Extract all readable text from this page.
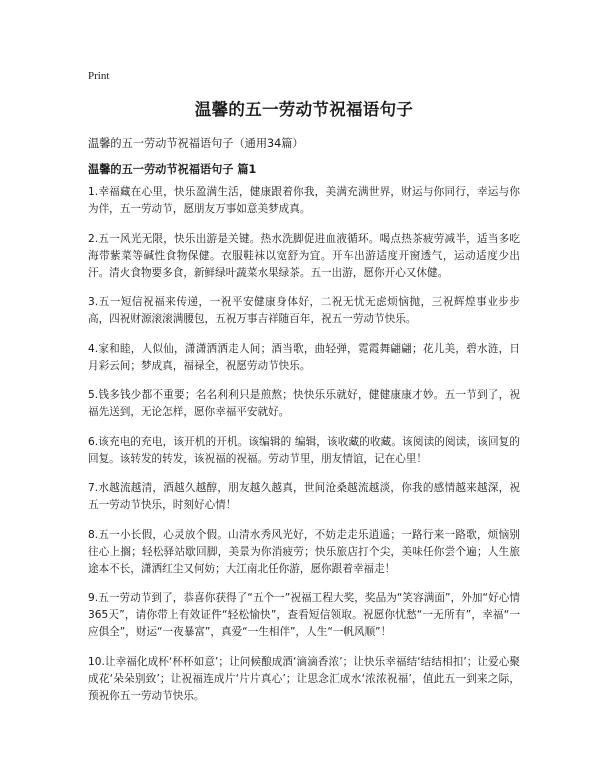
Print
温馨的五一劳动节祝福语句子

温馨的五一劳动节祝福语句子（通用34篇）

温馨的五一劳动节祝福语句子 篇1

1.幸福藏在心里，快乐盈满生活，健康跟着你我，美满充满世界，财运与你同行，幸运与你为伴，五一劳动节，愿朋友万事如意美梦成真。

2.五一风光无限，快乐出游是关键。热水洗脚促进血液循环。喝点热茶疲劳减半，适当多吃海带紫菜等碱性食物保健。衣服鞋袜以宽舒为宜。开车出游适度开窗透气，运动适度少出汗。清火食物要多食，新鲜绿叶蔬菜水果绿茶。五一出游，愿你开心又休健。

3.五一短信祝福来传递，一祝平安健康身体好，二祝无忧无虑烦恼抛，三祝辉煌事业步步高，四祝财源滚滚满腰包，五祝万事吉祥随百年，祝五一劳动节快乐。

4.家和睦，人似仙，潇潇洒洒走人间；酒当歌，曲轻弹，霓霞舞翩翩；花儿美，碧水涟，日月彩云间；梦成真，福禄全，祝愿劳动节快乐。

5.钱多钱少都不重要；名名利利只是煎熬；快快乐乐就好，健健康康才妙。五一节到了，祝福先送到，无论怎样，愿你幸福平安就好。

6.该充电的充电，该开机的开机。该编辑的 编辑，该收藏的收藏。该阅读的阅读，该回复的回复。该转发的转发，该祝福的祝福。劳动节里，朋友情谊，记在心里！

7.水越流越清，酒越久越醇，朋友越久越真，世间沧桑越流越淡，你我的感情越来越深，祝五一劳动节快乐，时刻好心情！

8.五一小长假，心灵放个假。山清水秀风光好，不妨走走乐逍遥；一路行来一路歌，烦恼别往心上搁；轻松驿站歇回脚，美景为你消疲劳；快乐旅店打个尖，美味任你尝个遍；人生旅途本不长，潇洒红尘又何妨；大江南北任你游，愿你跟着幸福走！

9.五一劳动节到了，恭喜你获得了“五个一”祝福工程大奖，奖品为“笑容满面”，外加“好心情365天”，请你带上有效证件“轻松愉快”，查看短信领取。祝愿你忧愁“一无所有”，幸福“一应俱全”，财运“一夜暴富”，真爱“一生相伴”，人生“一帆风顺”！

10.让幸福化成杯‘杯杯如意’；让问候酿成酒‘滴滴香浓’；让快乐幸福结‘结结相扣’；让爱心聚成花‘朵朵别致’；让祝福连成片‘片片真心’；让思念汇成水‘浓浓祝福’，值此五一到来之际，预祝你五一劳动节快乐。
